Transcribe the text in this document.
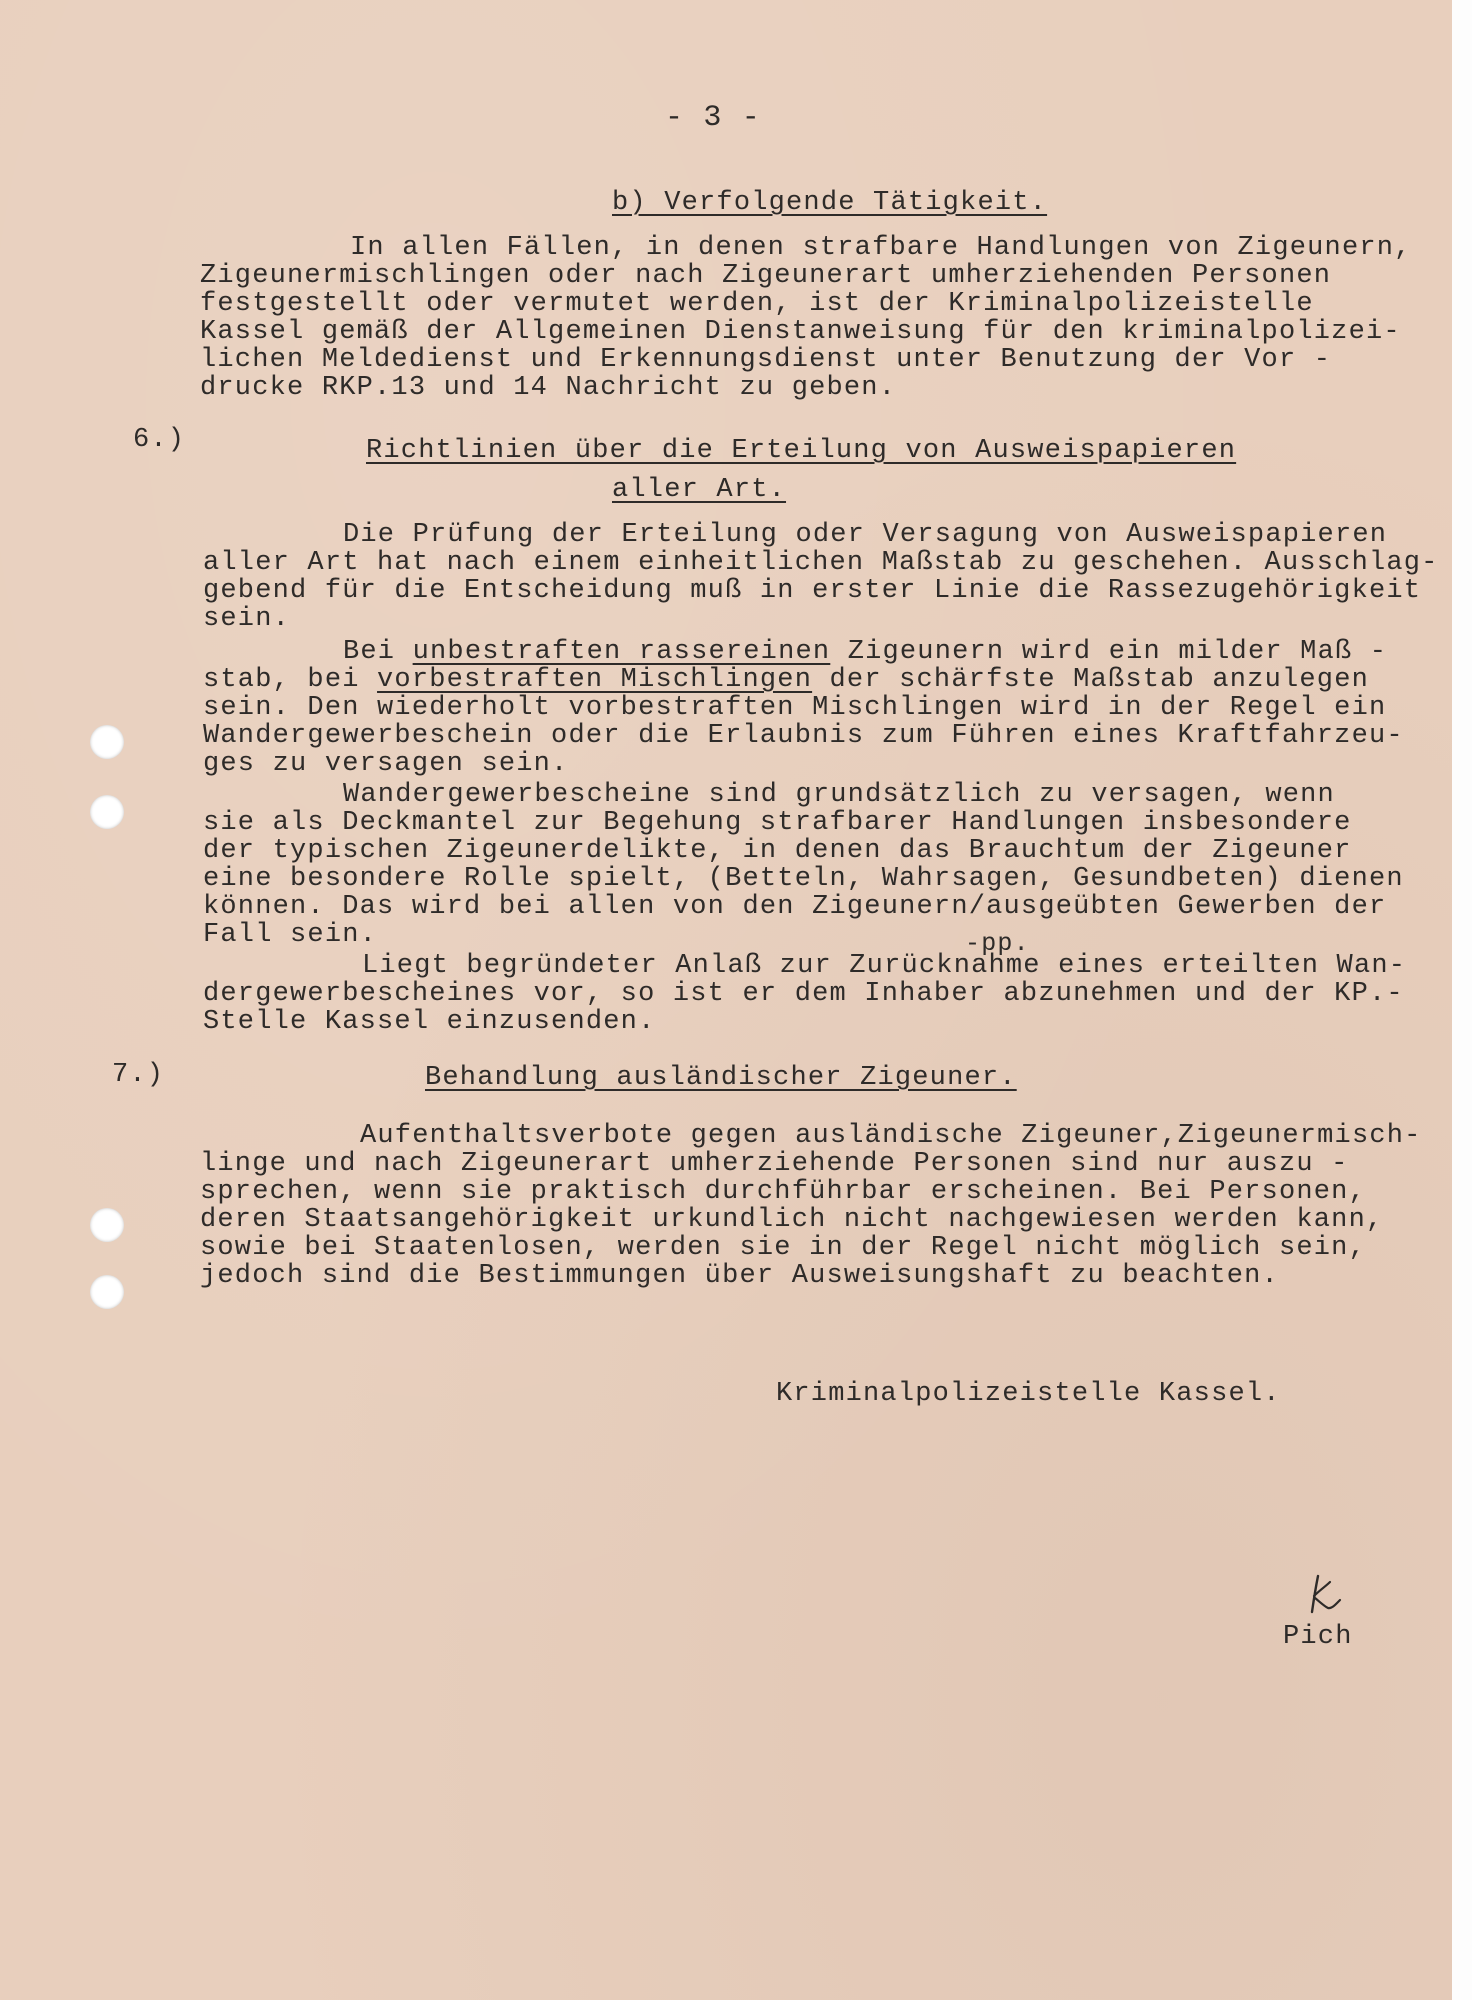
- 3 -
b) Verfolgende Tätigkeit.
In allen Fällen, in denen strafbare Handlungen von Zigeunern,
Zigeunermischlingen oder nach Zigeunerart umherziehenden Personen
festgestellt oder vermutet werden, ist der Kriminalpolizeistelle
Kassel gemäß der Allgemeinen Dienstanweisung für den kriminalpolizei-
lichen Meldedienst und Erkennungsdienst unter Benutzung der Vor -
drucke RKP.13 und 14 Nachricht zu geben.
6.)	Richtlinien über die Erteilung von Ausweispapieren
aller Art.
Die Prüfung der Erteilung oder Versagung von Ausweispapieren
aller Art hat nach einem einheitlichen Maßstab zu geschehen. Ausschlag-
gebend für die Entscheidung muß in erster Linie die Rassezugehörigkeit
sein.
Bei unbestraften rassereinen Zigeunern wird ein milder Maß -
stab, bei vorbestraften Mischlingen der schärfste Maßstab anzulegen
sein. Den wiederholt vorbestraften Mischlingen wird in der Regel ein
Wandergewerbeschein oder die Erlaubnis zum Führen eines Kraftfahrzeu-
ges zu versagen sein.
Wandergewerbescheine sind grundsätzlich zu versagen, wenn
sie als Deckmantel zur Begehung strafbarer Handlungen insbesondere
der typischen Zigeunerdelikte, in denen das Brauchtum der Zigeuner
eine besondere Rolle spielt, (Betteln, Wahrsagen, Gesundbeten) dienen
können. Das wird bei allen von den Zigeunern/ausgeübten Gewerben der
Fall sein.	-pp.
Liegt begründeter Anlaß zur Zurücknahme eines erteilten Wan-
dergewerbescheines vor, so ist er dem Inhaber abzunehmen und der KP.-
Stelle Kassel einzusenden.
7.)	Behandlung ausländischer Zigeuner.
Aufenthaltsverbote gegen ausländische Zigeuner,Zigeunermisch-
linge und nach Zigeunerart umherziehende Personen sind nur auszu -
sprechen, wenn sie praktisch durchführbar erscheinen. Bei Personen,
deren Staatsangehörigkeit urkundlich nicht nachgewiesen werden kann,
sowie bei Staatenlosen, werden sie in der Regel nicht möglich sein,
jedoch sind die Bestimmungen über Ausweisungshaft zu beachten.
Kriminalpolizeistelle Kassel.
Pich
